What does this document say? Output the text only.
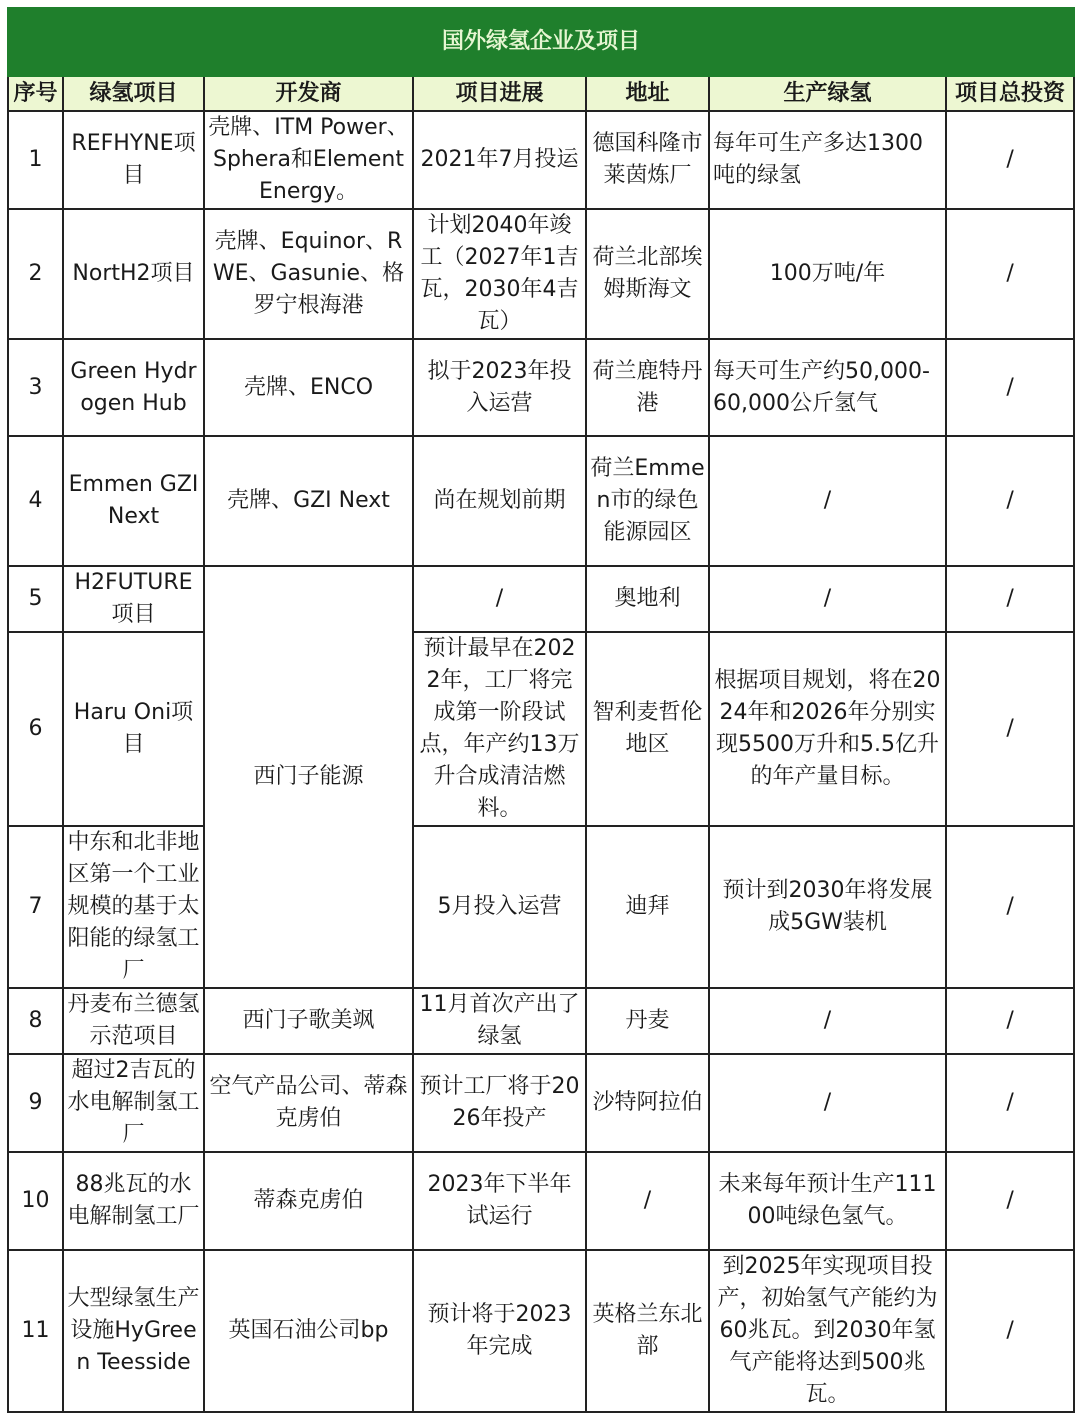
国外绿氢企业及项目						
序号	绿氢项目	开发商	项目进展	地址	生产绿氢	项目总投资
1	REFHYNE项目	壳牌、ITM Power、Sphera和Element Energy。	2021年7月投运	德国科隆市莱茵炼厂	每年可生产多达1300吨的绿氢	/
2	NortH2项目	壳牌、Equinor、RWE、Gasunie、格罗宁根海港	计划2040年竣工（2027年1吉瓦，2030年4吉瓦）	荷兰北部埃姆斯海文	100万吨/年	/
3	Green Hydrogen Hub	壳牌、ENCO	拟于2023年投入运营	荷兰鹿特丹港	每天可生产约50,000-60,000公斤氢气	/
4	Emmen GZI Next	壳牌、GZI Next	尚在规划前期	荷兰Emmen市的绿色能源园区	/	/
5	H2FUTURE项目	西门子能源	/	奥地利	/	/
6	Haru Oni项目		预计最早在2022年，工厂将完成第一阶段试点，年产约13万升合成清洁燃料。	智利麦哲伦地区	根据项目规划，将在2024年和2026年分别实现5500万升和5.5亿升的年产量目标。	/
7	中东和北非地区第一个工业规模的基于太阳能的绿氢工厂		5月投入运营	迪拜	预计到2030年将发展成5GW装机	/
8	丹麦布兰德氢示范项目	西门子歌美飒	11月首次产出了绿氢	丹麦	/	/
9	超过2吉瓦的水电解制氢工厂	空气产品公司、蒂森克虏伯	预计工厂将于2026年投产	沙特阿拉伯	/	/
10	88兆瓦的水电解制氢工厂	蒂森克虏伯	2023年下半年试运行	/	未来每年预计生产11100吨绿色氢气。	/
11	大型绿氢生产设施HyGreen Teesside	英国石油公司bp	预计将于2023年完成	英格兰东北部	到2025年实现项目投产，初始氢气产能约为60兆瓦。到2030年氢气产能将达到500兆瓦。	/
